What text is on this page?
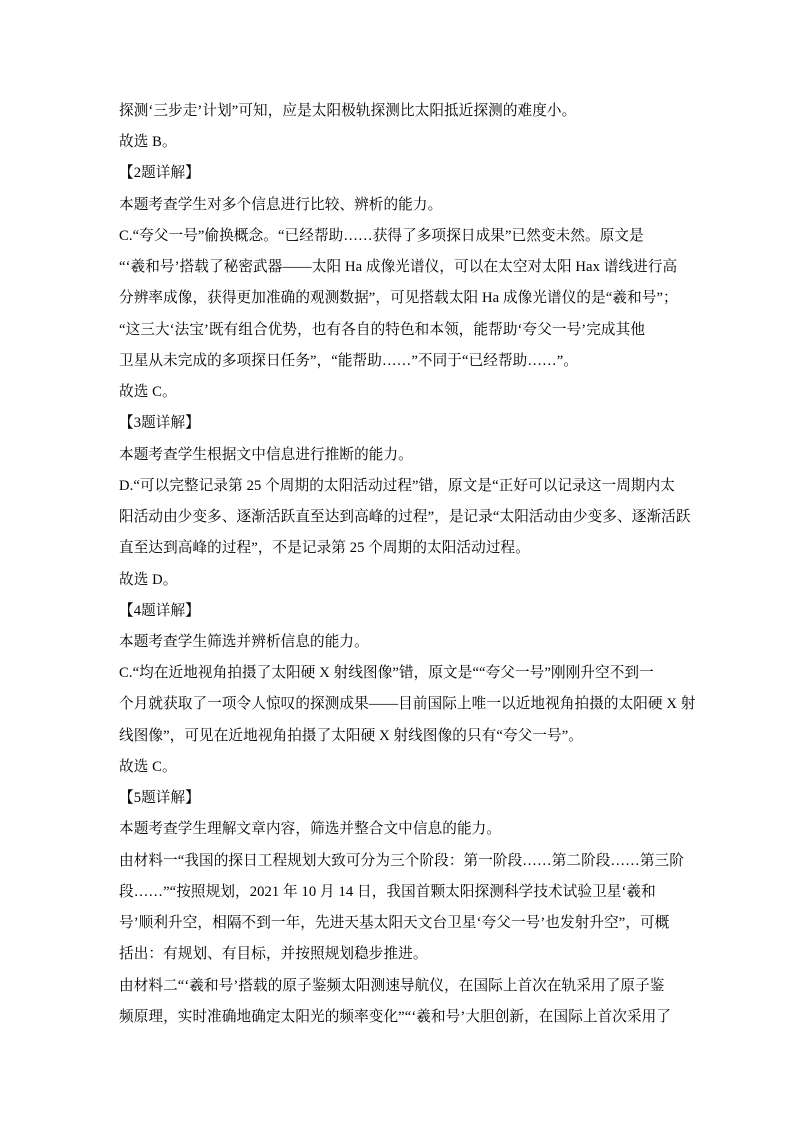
探测‘三步走’计划”可知，应是太阳极轨探测比太阳抵近探测的难度小。
故选 B。
【2题详解】
本题考查学生对多个信息进行比较、辨析的能力。
C.“夸父一号”偷换概念。“已经帮助……获得了多项探日成果”已然变未然。原文是
“‘羲和号’搭载了秘密武器——太阳 Ha 成像光谱仪，可以在太空对太阳 Hax 谱线进行高
分辨率成像，获得更加准确的观测数据”，可见搭载太阳 Ha 成像光谱仪的是“羲和号”；
“这三大‘法宝’既有组合优势，也有各自的特色和本领，能帮助‘夸父一号’完成其他
卫星从未完成的多项探日任务”，“能帮助……”不同于“已经帮助……”。
故选 C。
【3题详解】
本题考查学生根据文中信息进行推断的能力。
D.“可以完整记录第 25 个周期的太阳活动过程”错，原文是“正好可以记录这一周期内太
阳活动由少变多、逐渐活跃直至达到高峰的过程”，是记录“太阳活动由少变多、逐渐活跃
直至达到高峰的过程”，不是记录第 25 个周期的太阳活动过程。
故选 D。
【4题详解】
本题考查学生筛选并辨析信息的能力。
C.“均在近地视角拍摄了太阳硬 X 射线图像”错，原文是““夸父一号”刚刚升空不到一
个月就获取了一项令人惊叹的探测成果——目前国际上唯一以近地视角拍摄的太阳硬 X 射
线图像”，可见在近地视角拍摄了太阳硬 X 射线图像的只有“夸父一号”。
故选 C。
【5题详解】
本题考查学生理解文章内容，筛选并整合文中信息的能力。
由材料一“我国的探日工程规划大致可分为三个阶段：第一阶段……第二阶段……第三阶
段……”“按照规划，2021 年 10 月 14 日，我国首颗太阳探测科学技术试验卫星‘羲和
号’顺利升空，相隔不到一年，先进天基太阳天文台卫星‘夸父一号’也发射升空”，可概
括出：有规划、有目标，并按照规划稳步推进。
由材料二“‘羲和号’搭载的原子鉴频太阳测速导航仪，在国际上首次在轨采用了原子鉴
频原理，实时准确地确定太阳光的频率变化”“‘羲和号’大胆创新，在国际上首次采用了
